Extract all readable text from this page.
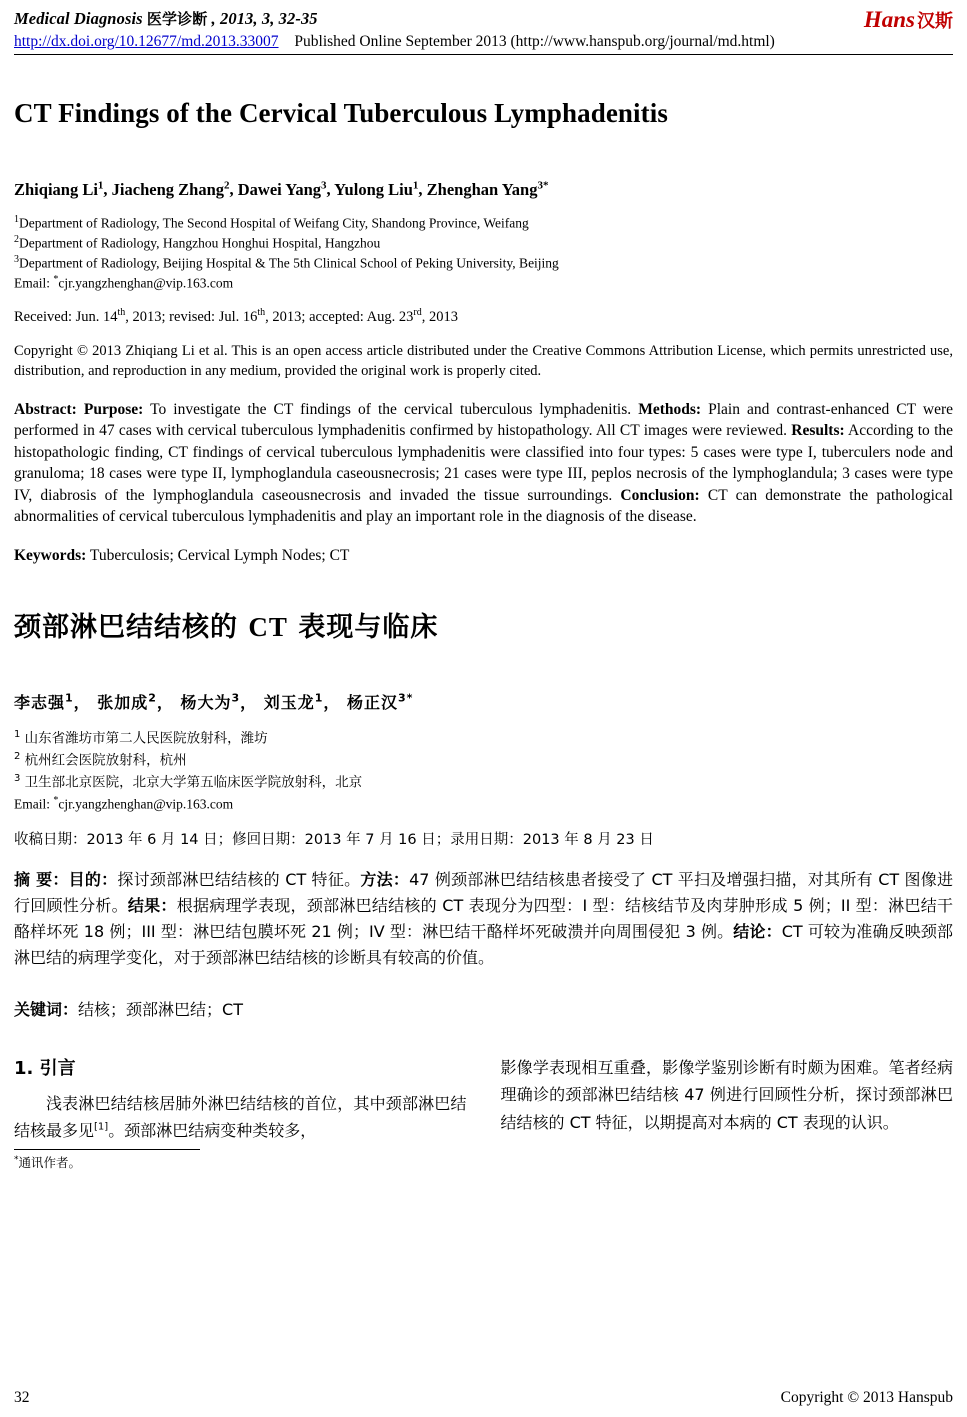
Medical Diagnosis 医学诊断 , 2013, 3, 32-35	Hans 汉斯
http://dx.doi.org/10.12677/md.2013.33007 Published Online September 2013 (http://www.hanspub.org/journal/md.html)
CT Findings of the Cervical Tuberculous Lymphadenitis
Zhiqiang Li$^1$, Jiacheng Zhang$^2$, Dawei Yang$^3$, Yulong Liu$^1$, Zhenghan Yang$^{3*}$
$^1$Department of Radiology, The Second Hospital of Weifang City, Shandong Province, Weifang
$^2$Department of Radiology, Hangzhou Honghui Hospital, Hangzhou
$^3$Department of Radiology, Beijing Hospital & The 5th Clinical School of Peking University, Beijing
Email: *cjr.yangzhenghan@vip.163.com
Received: Jun. 14th, 2013; revised: Jul. 16th, 2013; accepted: Aug. 23rd, 2013
Copyright © 2013 Zhiqiang Li et al. This is an open access article distributed under the Creative Commons Attribution License, which permits unrestricted use, distribution, and reproduction in any medium, provided the original work is properly cited.
Abstract: Purpose: To investigate the CT findings of the cervical tuberculous lymphadenitis. Methods: Plain and contrast-enhanced CT were performed in 47 cases with cervical tuberculous lymphadenitis confirmed by histopathology. All CT images were reviewed. Results: According to the histopathologic finding, CT findings of cervical tuberculous lymphadenitis were classified into four types: 5 cases were type I, tuberculers node and granuloma; 18 cases were type II, lymphoglandula caseousnecrosis; 21 cases were type III, peplos necrosis of the lymphoglandula; 3 cases were type IV, diabrosis of the lymphoglandula caseousnecrosis and invaded the tissue surroundings. Conclusion: CT can demonstrate the pathological abnormalities of cervical tuberculous lymphadenitis and play an important role in the diagnosis of the disease.
Keywords: Tuberculosis; Cervical Lymph Nodes; CT
颈部淋巴结结核的 CT 表现与临床
李志强$^1$， 张加成$^2$， 杨大为$^3$， 刘玉龙$^1$， 杨正汉$^{3*}$
$^1$ 山东省潍坊市第二人民医院放射科，潍坊
$^2$ 杭州红会医院放射科，杭州
$^3$ 卫生部北京医院，北京大学第五临床医学院放射科，北京
Email: *cjr.yangzhenghan@vip.163.com
收稿日期：2013 年 6 月 14 日；修回日期：2013 年 7 月 16 日；录用日期：2013 年 8 月 23 日
摘 要：目的：探讨颈部淋巴结结核的 CT 特征。方法：47 例颈部淋巴结结核患者接受了 CT 平扫及增强扫描，对其所有 CT 图像进行回顾性分析。结果：根据病理学表现，颈部淋巴结结核的 CT 表现分为四型：I 型：结核结节及肉芽肿形成 5 例；II 型：淋巴结干酪样坏死 18 例；III 型：淋巴结包膜坏死 21 例；IV 型：淋巴结干酪样坏死破溃并向周围侵犯 3 例。结论：CT 可较为准确反映颈部淋巴结的病理学变化，对于颈部淋巴结结核的诊断具有较高的价值。
关键词：结核；颈部淋巴结；CT
1. 引言
浅表淋巴结结核居肺外淋巴结结核的首位，其中颈部淋巴结结核最多见[1]。颈部淋巴结病变种类较多，
*通讯作者。
影像学表现相互重叠，影像学鉴别诊断有时颇为困难。笔者经病理确诊的颈部淋巴结结核 47 例进行回顾性分析，探讨颈部淋巴结结核的 CT 特征，以期提高对本病的 CT 表现的认识。
32	Copyright © 2013 Hanspub
